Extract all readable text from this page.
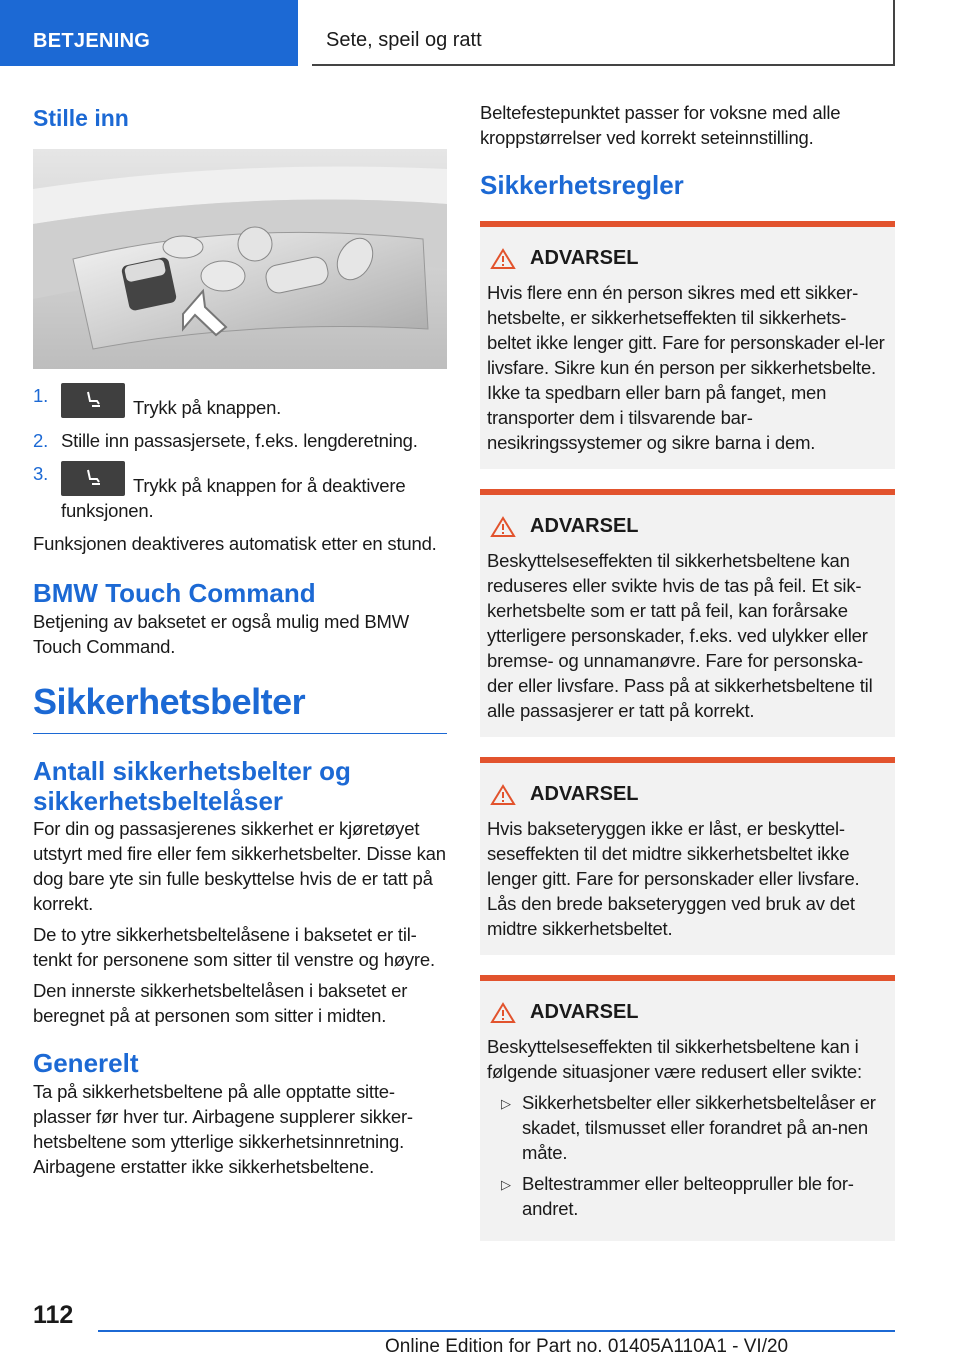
BETJENING	Sete, speil og ratt
Stille inn
1.
Trykk på knappen.
2. Stille inn passasjersete, f.eks. lengderetning.
3.
Trykk på knappen for å deaktivere funksjonen.

Funksjonen deaktiveres automatisk etter en stund.

BMW Touch Command

Betjening av baksetet er også mulig med BMW Touch Command.

Sikkerhetsbelter
Antall sikkerhetsbelter og sikkerhetsbeltelåser

For din og passasjerenes sikkerhet er kjøretøyet utstyrt med fire eller fem sikkerhetsbelter. Disse kan dog bare yte sin fulle beskyttelse hvis de er tatt på korrekt.

De to ytre sikkerhetsbeltelåsene i baksetet er til-tenkt for personene som sitter til venstre og høyre.

Den innerste sikkerhetsbeltelåsen i baksetet er beregnet på at personen som sitter i midten.

Generelt

Ta på sikkerhetsbeltene på alle opptatte sitte-plasser før hver tur. Airbagene supplerer sikker-hetsbeltene som ytterlige sikkerhetsinnretning. Airbagene erstatter ikke sikkerhetsbeltene.

Beltefestepunktet passer for voksne med alle kroppstørrelser ved korrekt seteinnstilling.

Sikkerhetsregler
ADVARSEL

Hvis flere enn én person sikres med ett sikker-hetsbelte, er sikkerhetseffekten til sikkerhets-beltet ikke lenger gitt. Fare for personskader el-ler livsfare. Sikre kun én person per sikkerhetsbelte. Ikke ta spedbarn eller barn på fanget, men transporter dem i tilsvarende bar-nesikringssystemer og sikre barna i dem.

ADVARSEL

Beskyttelseseffekten til sikkerhetsbeltene kan reduseres eller svikte hvis de tas på feil. Et sik-kerhetsbelte som er tatt på feil, kan forårsake ytterligere personskader, f.eks. ved ulykker eller bremse- og unnamanøvre. Fare for personska-der eller livsfare. Pass på at sikkerhetsbeltene til alle passasjerer er tatt på korrekt.

ADVARSEL

Hvis bakseteryggen ikke er låst, er beskyttel-seseffekten til det midtre sikkerhetsbeltet ikke lenger gitt. Fare for personskader eller livsfare. Lås den brede bakseteryggen ved bruk av det midtre sikkerhetsbeltet.

ADVARSEL

Beskyttelseseffekten til sikkerhetsbeltene kan i følgende situasjoner være redusert eller svikte:

▷ Sikkerhetsbelter eller sikkerhetsbeltelåser er skadet, tilsmusset eller forandret på an-nen måte.
▷ Beltestrammer eller belteoppruller ble for-andret.
112
Online Edition for Part no. 01405A110A1 - VI/20
